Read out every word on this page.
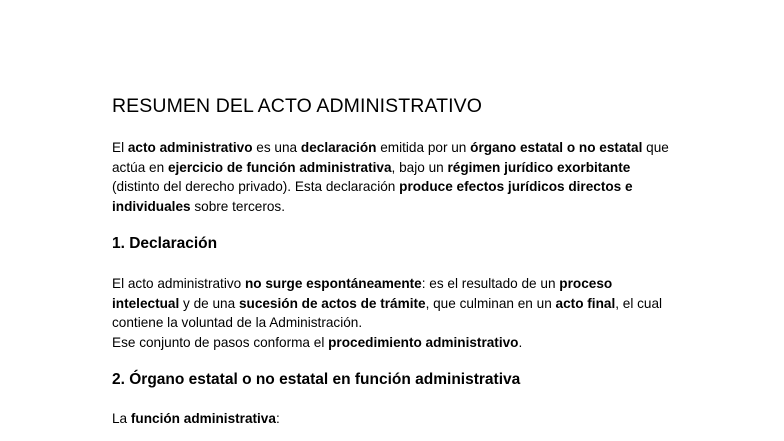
RESUMEN DEL ACTO ADMINISTRATIVO

El acto administrativo es una declaración emitida por un órgano estatal o no estatal que actúa en ejercicio de función administrativa, bajo un régimen jurídico exorbitante (distinto del derecho privado). Esta declaración produce efectos jurídicos directos e individuales sobre terceros.

1. Declaración

El acto administrativo no surge espontáneamente: es el resultado de un proceso intelectual y de una sucesión de actos de trámite, que culminan en un acto final, el cual contiene la voluntad de la Administración.

Ese conjunto de pasos conforma el procedimiento administrativo.

2. Órgano estatal o no estatal en función administrativa

La función administrativa:
